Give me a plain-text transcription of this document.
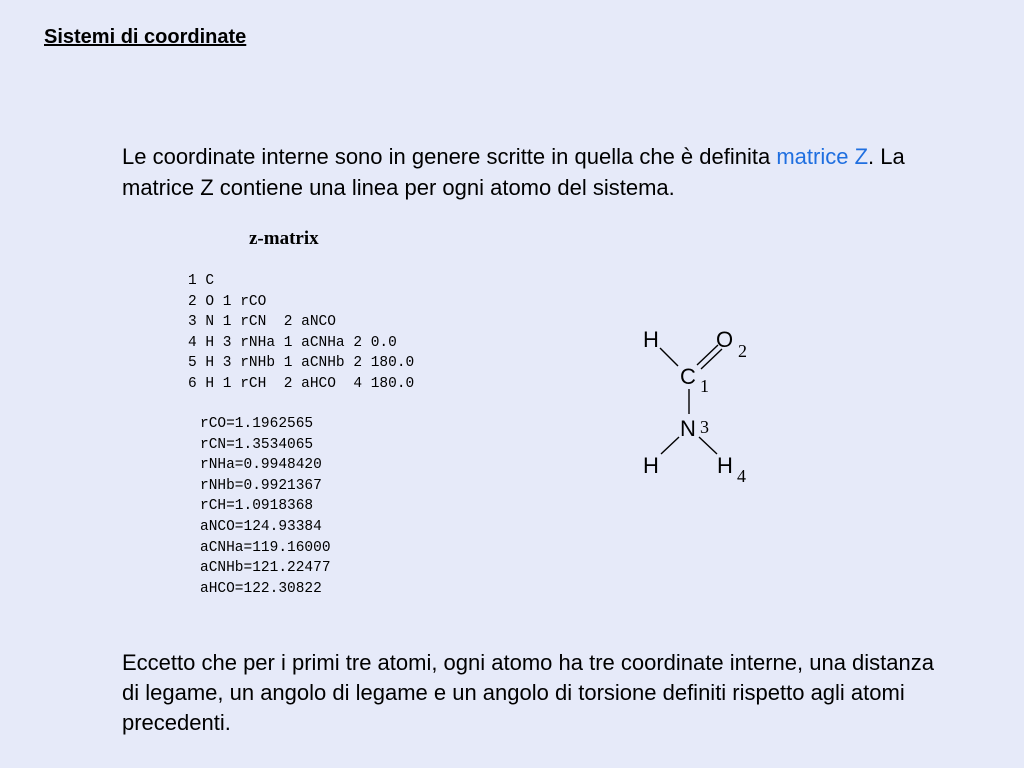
Sistemi di coordinate
Le coordinate interne sono in genere scritte in quella che è definita matrice Z. La matrice Z contiene una linea per ogni atomo del sistema.
z-matrix
1 C
2 O 1 rCO
3 N 1 rCN  2 aNCO
4 H 3 rNHa 1 aCNHa 2 0.0
5 H 3 rNHb 1 aCNHb 2 180.0
6 H 1 rCH  2 aHCO  4 180.0
rCO=1.1962565
rCN=1.3534065
rNHa=0.9948420
rNHb=0.9921367
rCH=1.0918368
aNCO=124.93384
aCNHa=119.16000
aCNHb=121.22477
aHCO=122.30822
H	O 2
C 1
N 3
H	H 4
Eccetto che per i primi tre atomi, ogni atomo ha tre coordinate interne, una distanza di legame, un angolo di legame e un angolo di torsione definiti rispetto agli atomi precedenti.
